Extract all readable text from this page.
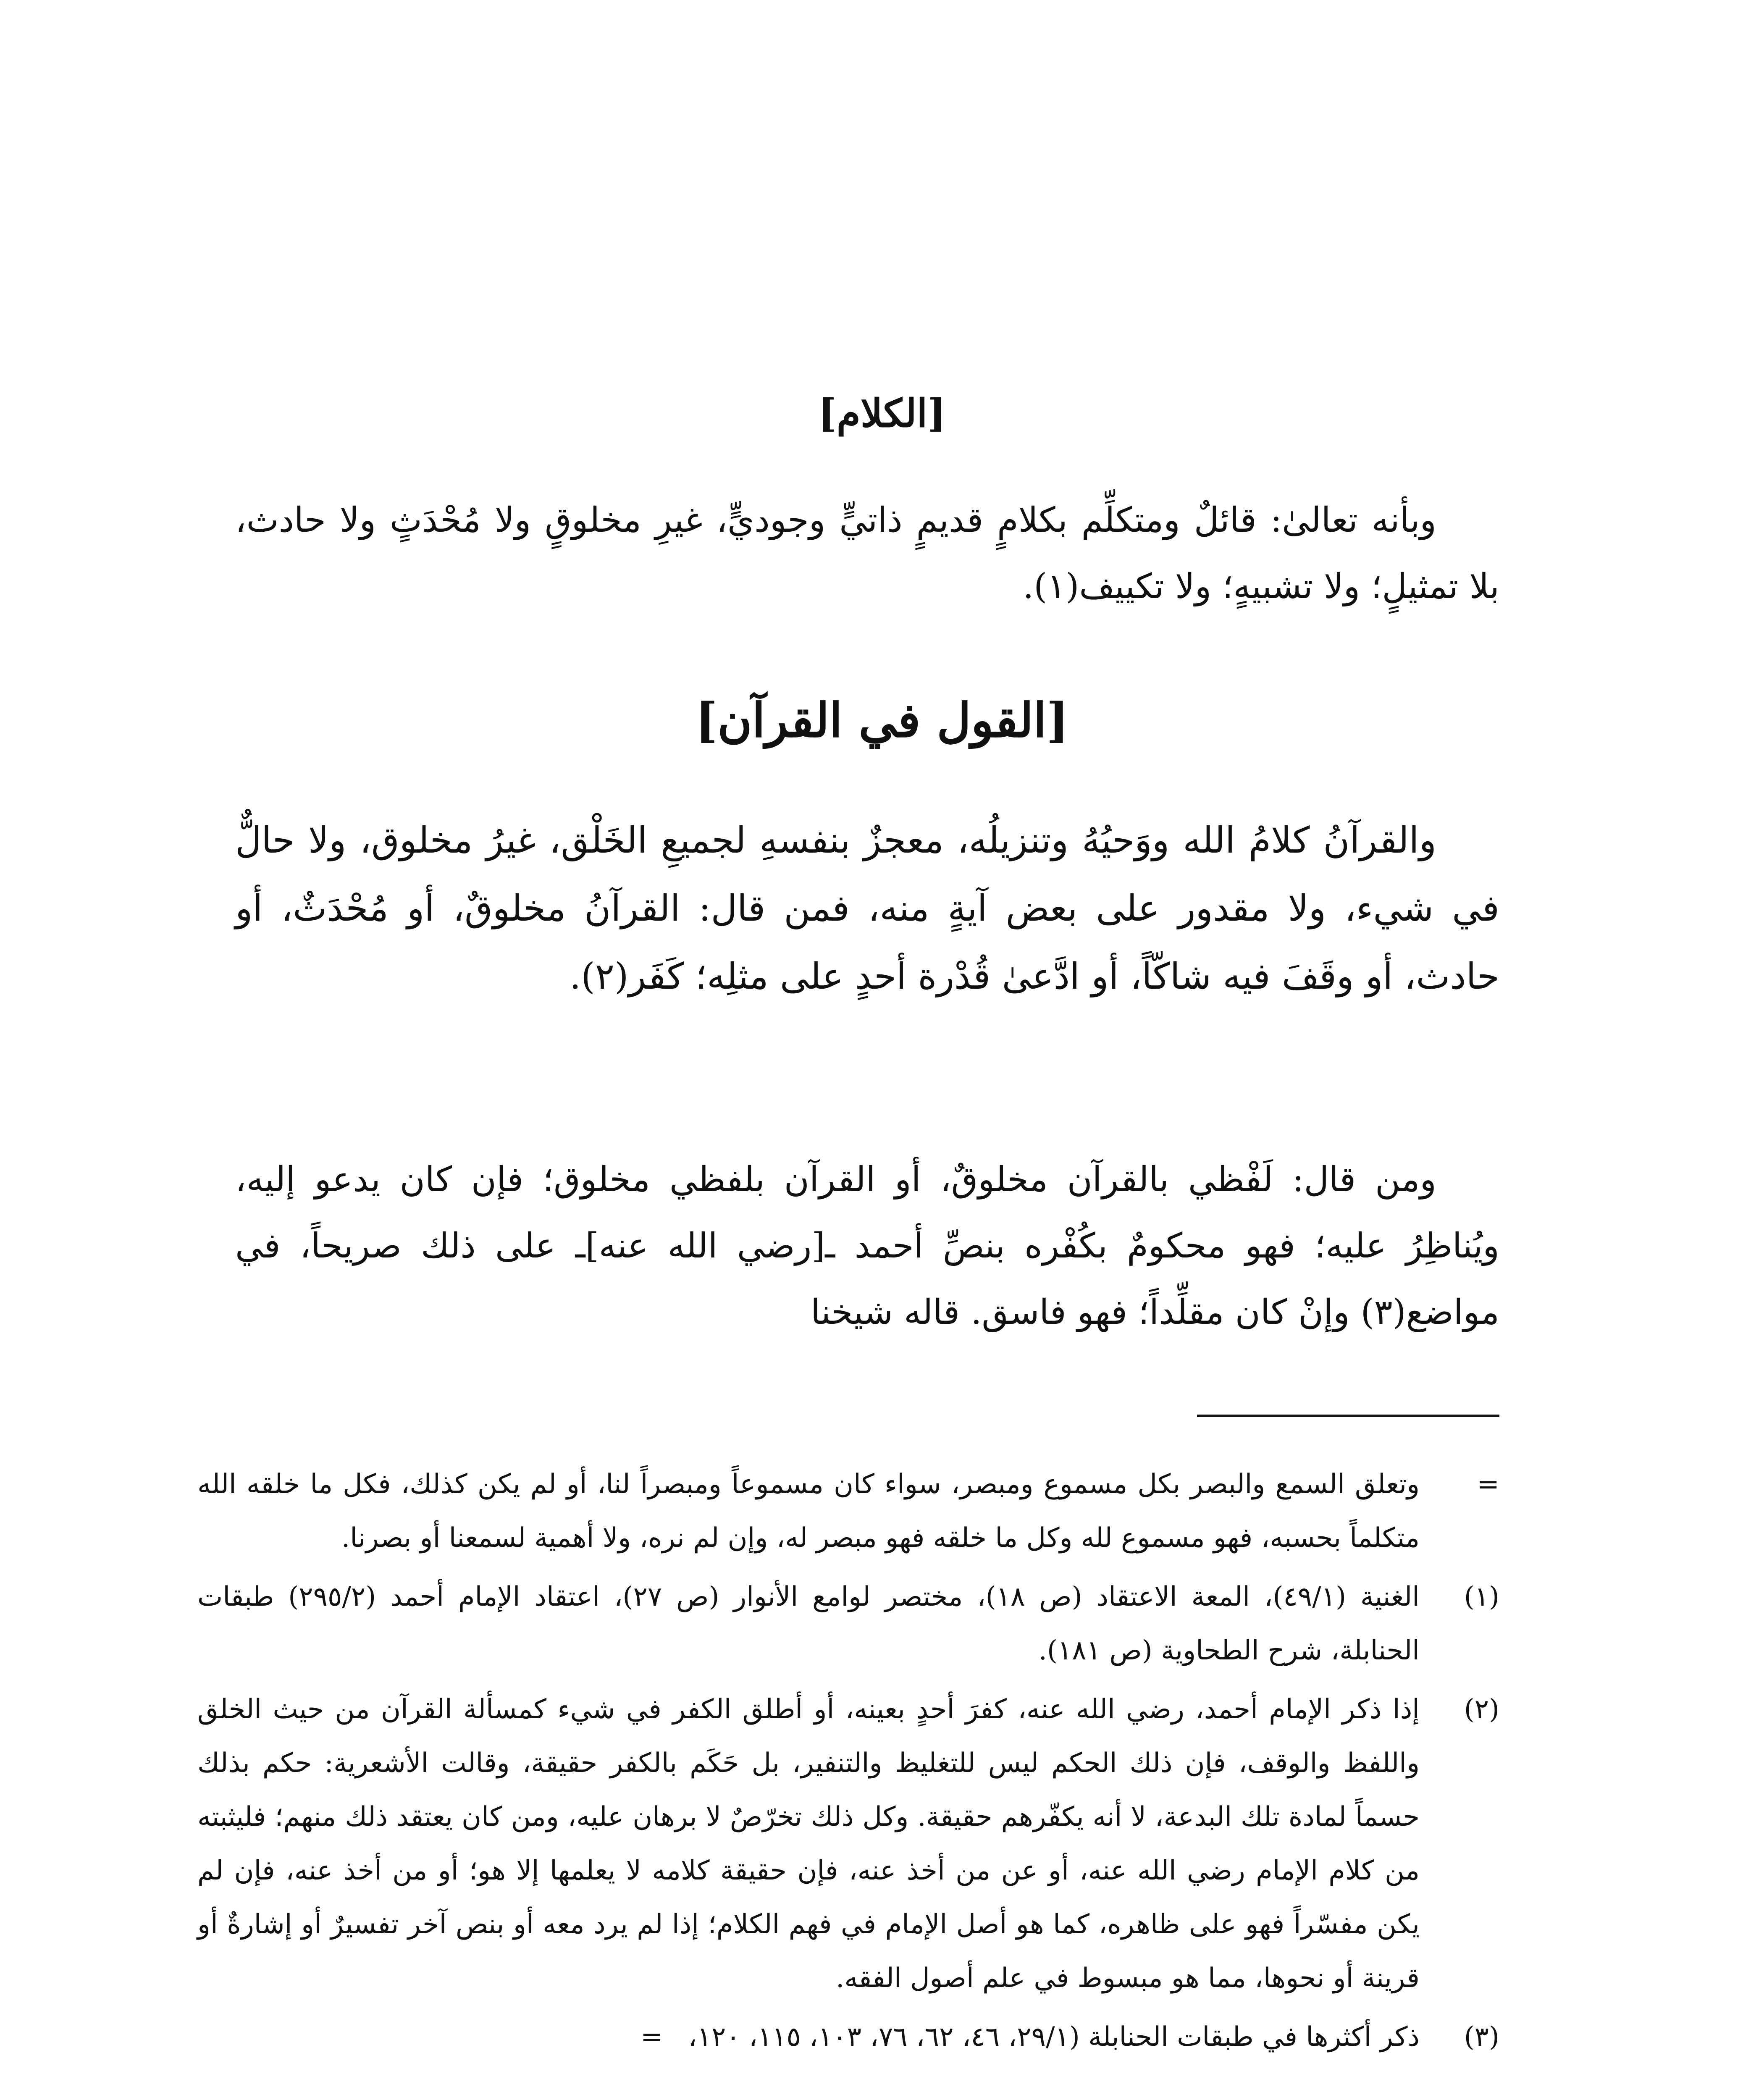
[الكلام]

وبأنه تعالىٰ: قائلٌ ومتكلِّم بكلامٍ قديمٍ ذاتيٍّ وجوديٍّ، غيرِ مخلوقٍ ولا مُحْدَثٍ ولا حادث، بلا تمثيلٍ؛ ولا تشبيهٍ؛ ولا تكييف(١).

[القول في القرآن]

والقرآنُ كلامُ الله ووَحيُهُ وتنزيلُه، معجزٌ بنفسهِ لجميعِ الخَلْق، غيرُ مخلوق، ولا حالٌّ في شيء، ولا مقدور على بعض آيةٍ منه، فمن قال: القرآنُ مخلوقٌ، أو مُحْدَثٌ، أو حادث، أو وقَفَ فيه شاكّاً، أو ادَّعىٰ قُدْرة أحدٍ على مثلِه؛ كَفَر(٢).

ومن قال: لَفْظي بالقرآن مخلوقٌ، أو القرآن بلفظي مخلوق؛ فإن كان يدعو إليه، ويُناظِرُ عليه؛ فهو محكومٌ بكُفْره بنصِّ أحمد ـ[رضي الله عنه]ـ على ذلك صريحاً، في مواضع(٣) وإنْ كان مقلِّداً؛ فهو فاسق. قاله شيخنا

=
وتعلق السمع والبصر بكل مسموع ومبصر، سواء كان مسموعاً ومبصراً لنا، أو لم يكن كذلك، فكل ما خلقه الله متكلماً بحسبه، فهو مسموع لله وكل ما خلقه فهو مبصر له، وإن لم نره، ولا أهمية لسمعنا أو بصرنا.
(١)
الغنية (٤٩/١)، المعة الاعتقاد (ص ١٨)، مختصر لوامع الأنوار (ص ٢٧)، اعتقاد الإمام أحمد (٢٩٥/٢) طبقات الحنابلة، شرح الطحاوية (ص ١٨١).
(٢)
إذا ذكر الإمام أحمد، رضي الله عنه، كفرَ أحدٍ بعينه، أو أطلق الكفر في شيء كمسألة القرآن من حيث الخلق واللفظ والوقف، فإن ذلك الحكم ليس للتغليظ والتنفير، بل حَكَم بالكفر حقيقة، وقالت الأشعرية: حكم بذلك حسماً لمادة تلك البدعة، لا أنه يكفّرهم حقيقة. وكل ذلك تخرّصٌ لا برهان عليه، ومن كان يعتقد ذلك منهم؛ فليثبته من كلام الإمام رضي الله عنه، أو عن من أخذ عنه، فإن حقيقة كلامه لا يعلمها إلا هو؛ أو من أخذ عنه، فإن لم يكن مفسّراً فهو على ظاهره، كما هو أصل الإمام في فهم الكلام؛ إذا لم يرد معه أو بنص آخر تفسيرٌ أو إشارةٌ أو قرينة أو نحوها، مما هو مبسوط في علم أصول الفقه.
(٣)
ذكر أكثرها في طبقات الحنابلة (٢٩/١، ٤٦، ٦٢، ٧٦، ١٠٣، ١١٥، ١٢٠، =
